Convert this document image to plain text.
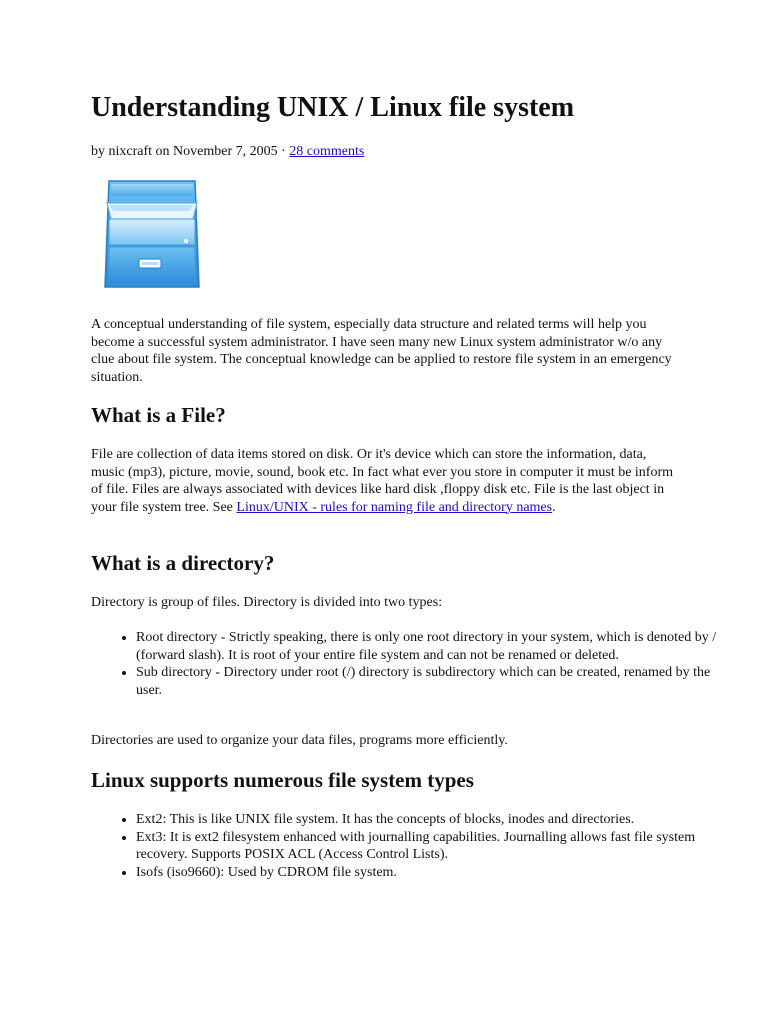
Understanding UNIX / Linux file system
by nixcraft on November 7, 2005 · 28 comments

A conceptual understanding of file system, especially data structure and related terms will help you become a successful system administrator. I have seen many new Linux system administrator w/o any clue about file system. The conceptual knowledge can be applied to restore file system in an emergency situation.

What is a File?

File are collection of data items stored on disk. Or it's device which can store the information, data, music (mp3), picture, movie, sound, book etc. In fact what ever you store in computer it must be inform of file. Files are always associated with devices like hard disk ,floppy disk etc. File is the last object in your file system tree. See Linux/UNIX - rules for naming file and directory names.

What is a directory?

Directory is group of files. Directory is divided into two types:

• Root directory - Strictly speaking, there is only one root directory in your system, which is denoted by / (forward slash). It is root of your entire file system and can not be renamed or deleted.
• Sub directory - Directory under root (/) directory is subdirectory which can be created, renamed by the user.

Directories are used to organize your data files, programs more efficiently.

Linux supports numerous file system types
• Ext2: This is like UNIX file system. It has the concepts of blocks, inodes and directories.
• Ext3: It is ext2 filesystem enhanced with journalling capabilities. Journalling allows fast file system recovery. Supports POSIX ACL (Access Control Lists).
• Isofs (iso9660): Used by CDROM file system.
